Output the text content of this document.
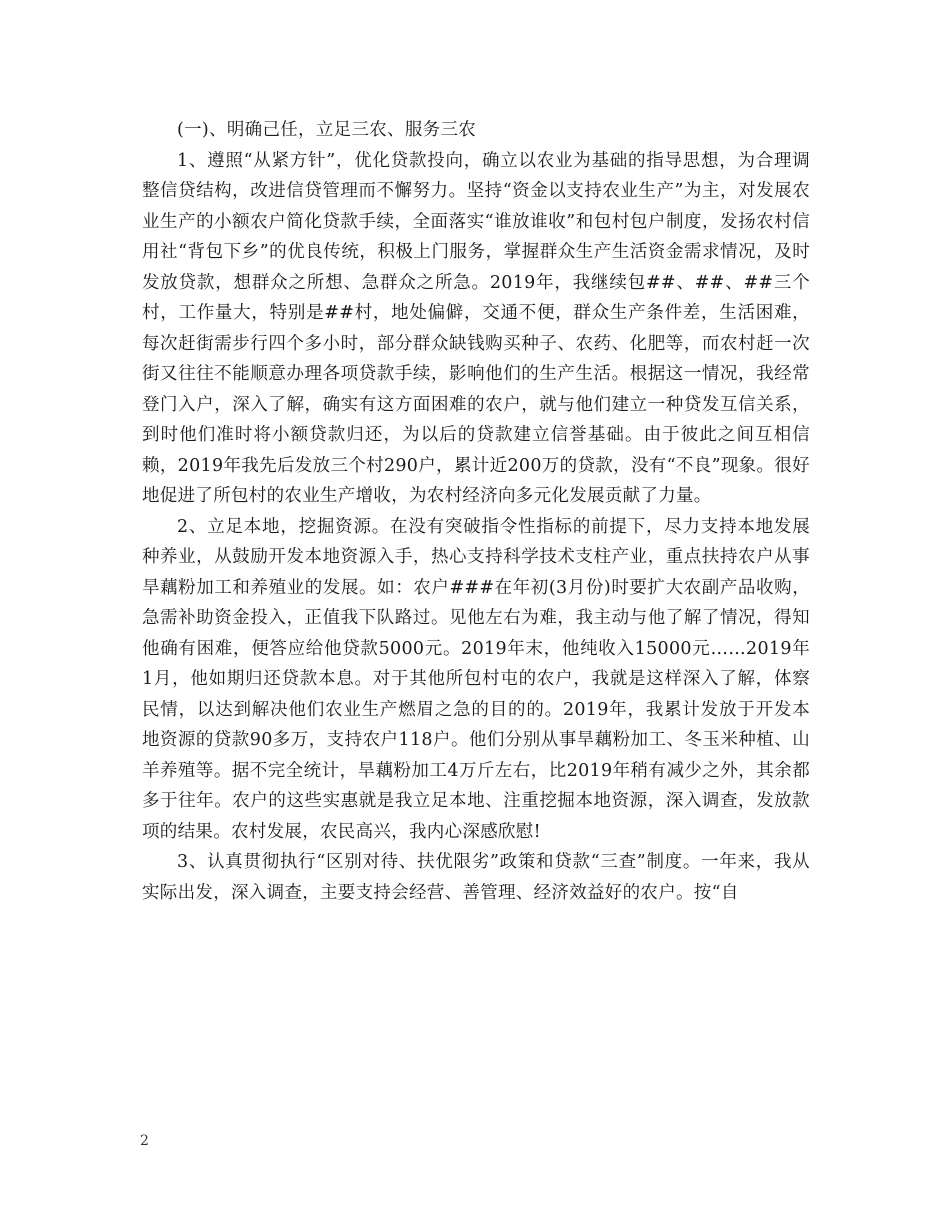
(一)、明确己任，立足三农、服务三农

1、遵照“从紧方针”，优化贷款投向，确立以农业为基础的指导思想，为合理调整信贷结构，改进信贷管理而不懈努力。坚持“资金以支持农业生产”为主，对发展农业生产的小额农户简化贷款手续，全面落实“谁放谁收”和包村包户制度，发扬农村信用社“背包下乡”的优良传统，积极上门服务，掌握群众生产生活资金需求情况，及时发放贷款，想群众之所想、急群众之所急。2019年，我继续包##、##、##三个村，工作量大，特别是##村，地处偏僻，交通不便，群众生产条件差，生活困难，每次赶街需步行四个多小时，部分群众缺钱购买种子、农药、化肥等，而农村赶一次街又往往不能顺意办理各项贷款手续，影响他们的生产生活。根据这一情况，我经常登门入户，深入了解，确实有这方面困难的农户，就与他们建立一种贷发互信关系，到时他们准时将小额贷款归还，为以后的贷款建立信誉基础。由于彼此之间互相信赖，2019年我先后发放三个村290户，累计近200万的贷款，没有“不良”现象。很好地促进了所包村的农业生产增收，为农村经济向多元化发展贡献了力量。

2、立足本地，挖掘资源。在没有突破指令性指标的前提下，尽力支持本地发展种养业，从鼓励开发本地资源入手，热心支持科学技术支柱产业，重点扶持农户从事旱藕粉加工和养殖业的发展。如：农户###在年初(3月份)时要扩大农副产品收购，急需补助资金投入，正值我下队路过。见他左右为难，我主动与他了解了情况，得知他确有困难，便答应给他贷款5000元。2019年末，他纯收入15000元……2019年1月，他如期归还贷款本息。对于其他所包村屯的农户，我就是这样深入了解，体察民情，以达到解决他们农业生产燃眉之急的目的的。2019年，我累计发放于开发本地资源的贷款90多万，支持农户118户。他们分别从事旱藕粉加工、冬玉米种植、山羊养殖等。据不完全统计，旱藕粉加工4万斤左右，比2019年稍有减少之外，其余都多于往年。农户的这些实惠就是我立足本地、注重挖掘本地资源，深入调查，发放款项的结果。农村发展，农民高兴，我内心深感欣慰!

3、认真贯彻执行“区别对待、扶优限劣”政策和贷款“三查”制度。一年来，我从实际出发，深入调查，主要支持会经营、善管理、经济效益好的农户。按“自

2
